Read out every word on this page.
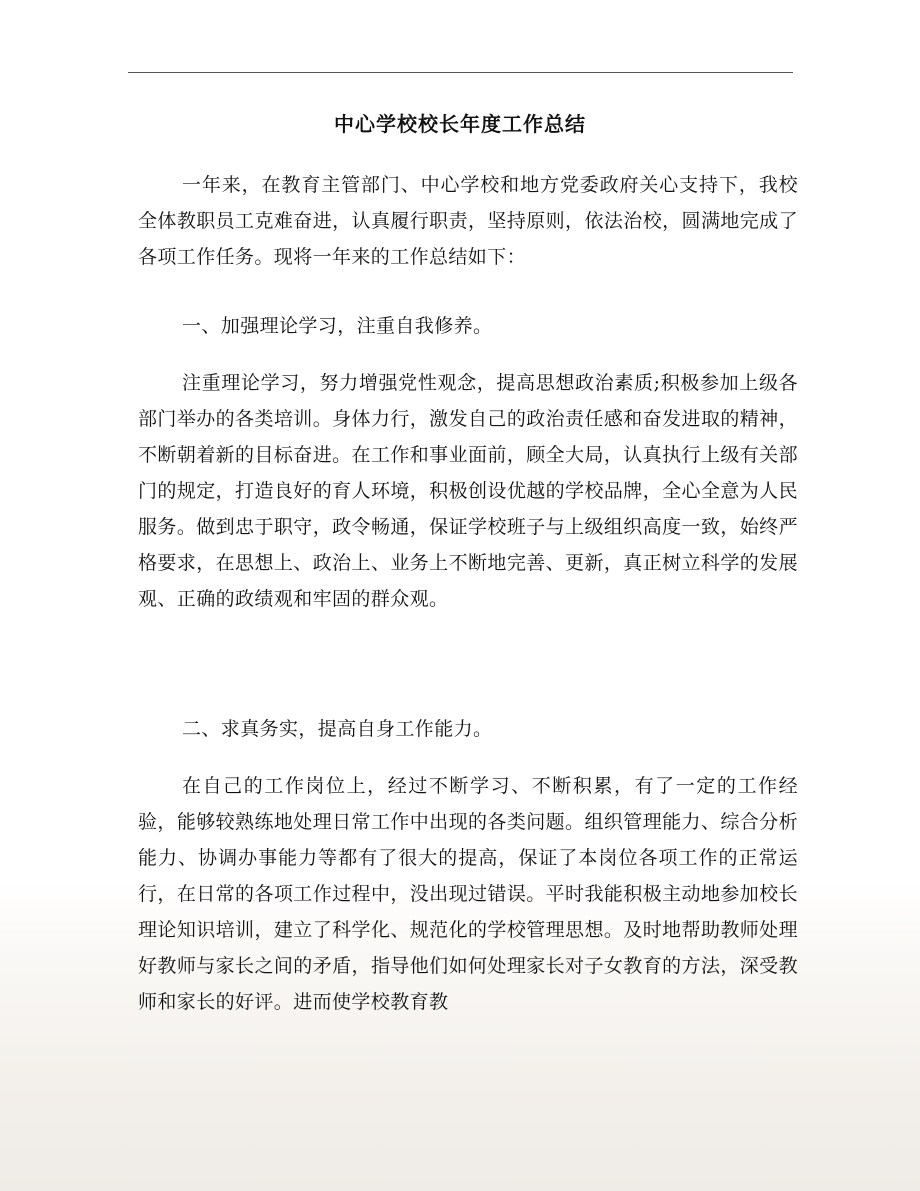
中心学校校长年度工作总结
一年来，在教育主管部门、中心学校和地方党委政府关心支持下，我校全体教职员工克难奋进，认真履行职责，坚持原则，依法治校，圆满地完成了各项工作任务。现将一年来的工作总结如下：
一、加强理论学习，注重自我修养。
注重理论学习，努力增强党性观念，提高思想政治素质;积极参加上级各部门举办的各类培训。身体力行，激发自己的政治责任感和奋发进取的精神，不断朝着新的目标奋进。在工作和事业面前，顾全大局，认真执行上级有关部门的规定，打造良好的育人环境，积极创设优越的学校品牌，全心全意为人民服务。做到忠于职守，政令畅通，保证学校班子与上级组织高度一致，始终严格要求，在思想上、政治上、业务上不断地完善、更新，真正树立科学的发展观、正确的政绩观和牢固的群众观。
二、求真务实，提高自身工作能力。
在自己的工作岗位上，经过不断学习、不断积累，有了一定的工作经验，能够较熟练地处理日常工作中出现的各类问题。组织管理能力、综合分析能力、协调办事能力等都有了很大的提高，保证了本岗位各项工作的正常运行，在日常的各项工作过程中，没出现过错误。平时我能积极主动地参加校长理论知识培训，建立了科学化、规范化的学校管理思想。及时地帮助教师处理好教师与家长之间的矛盾，指导他们如何处理家长对子女教育的方法，深受教师和家长的好评。进而使学校教育教
